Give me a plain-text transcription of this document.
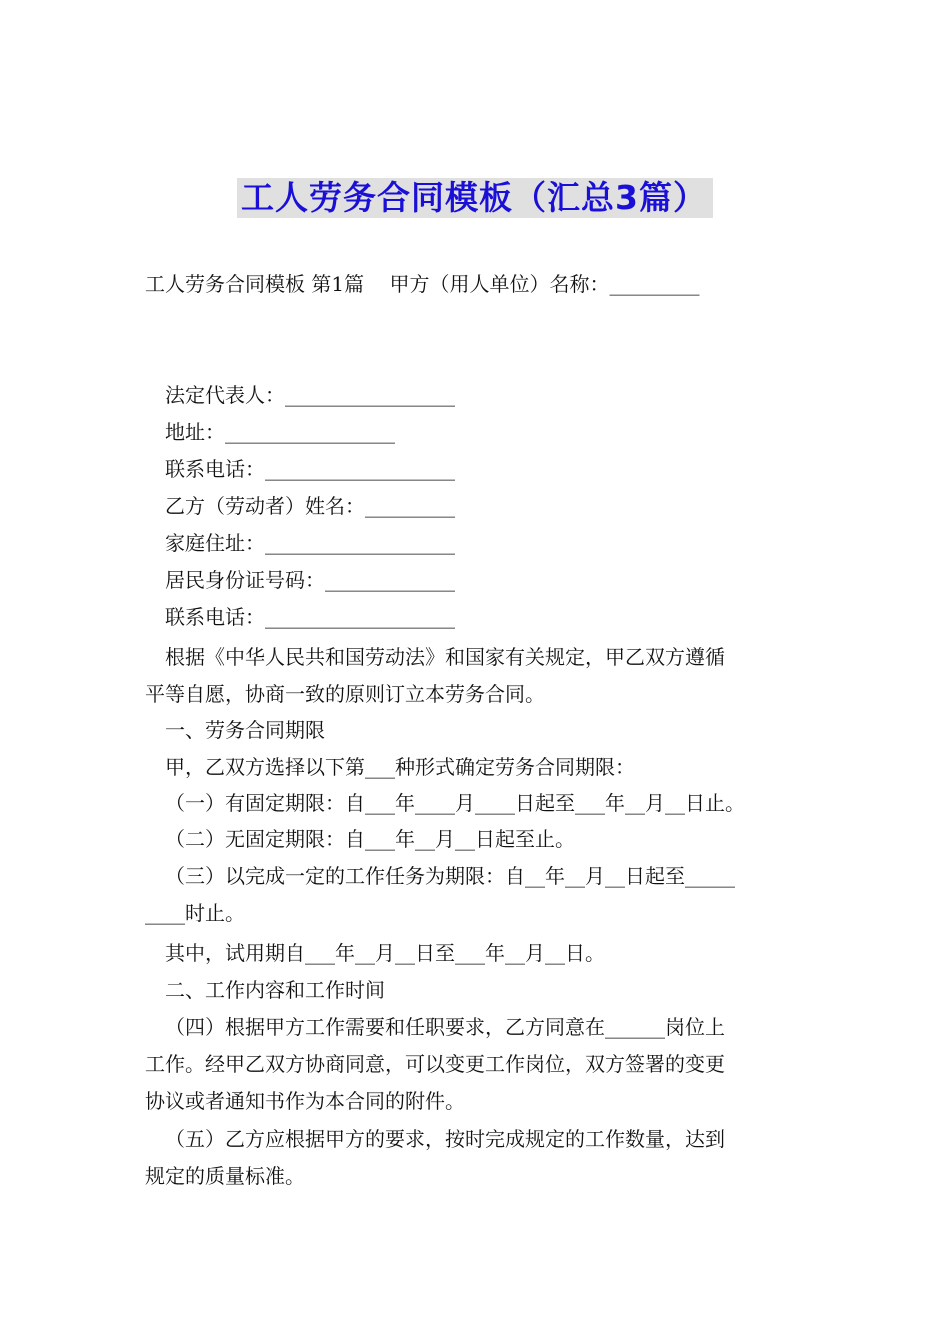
工人劳务合同模板（汇总3篇）
工人劳务合同模板 第1篇    甲方（用人单位）名称：_________
法定代表人：_________________
地址：_________________
联系电话：___________________
乙方（劳动者）姓名：_________
家庭住址：___________________
居民身份证号码：_____________
联系电话：___________________
根据《中华人民共和国劳动法》和国家有关规定，甲乙双方遵循
平等自愿，协商一致的原则订立本劳务合同。
一、劳务合同期限
甲，乙双方选择以下第___种形式确定劳务合同期限：
（一）有固定期限：自___年____月____日起至___年__月__日止。
（二）无固定期限：自___年__月__日起至止。
（三）以完成一定的工作任务为期限：自__年__月__日起至_____
____时止。
其中，试用期自___年__月__日至___年__月__日。
二、工作内容和工作时间
（四）根据甲方工作需要和任职要求，乙方同意在______岗位上
工作。经甲乙双方协商同意，可以变更工作岗位，双方签署的变更
协议或者通知书作为本合同的附件。
（五）乙方应根据甲方的要求，按时完成规定的工作数量，达到
规定的质量标准。
